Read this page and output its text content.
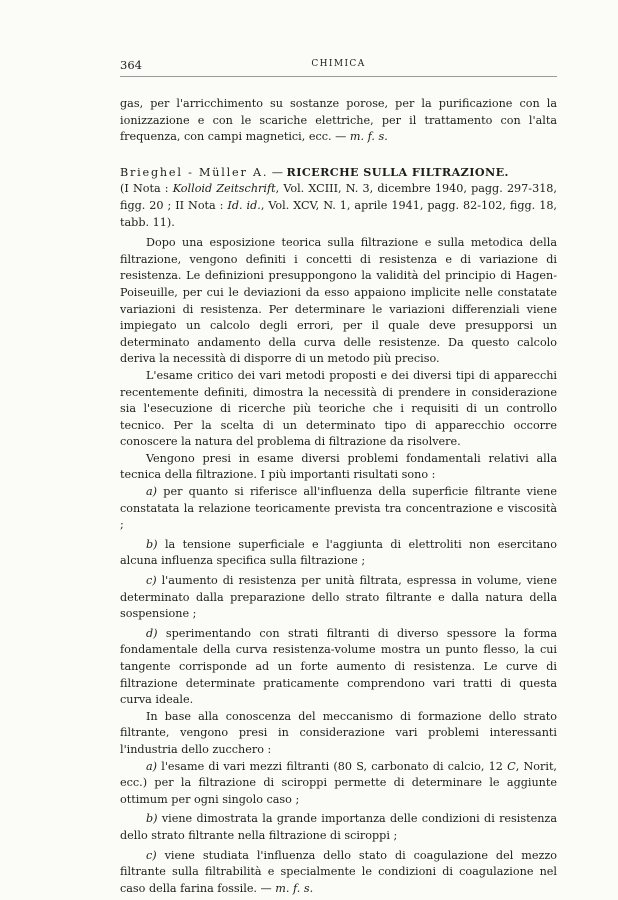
364	CHIMICA

gas, per l'arricchimento su sostanze porose, per la purificazione con la ionizzazione e con le scariche elettriche, per il trattamento con l'alta frequenza, con campi magnetici, ecc. — m. f. s.

Brieghel - Müller A. — RICERCHE SULLA FILTRAZIONE.

(I Nota : Kolloid Zeitschrift, Vol. XCIII, N. 3, dicembre 1940, pagg. 297-318, figg. 20 ; II Nota : Id. id., Vol. XCV, N. 1, aprile 1941, pagg. 82-102, figg. 18, tabb. 11).

Dopo una esposizione teorica sulla filtrazione e sulla metodica della filtrazione, vengono definiti i concetti di resistenza e di variazione di resistenza. Le definizioni presuppongono la validità del principio di Hagen-Poiseuille, per cui le deviazioni da esso appaiono implicite nelle constatate variazioni di resistenza. Per determinare le variazioni differenziali viene impiegato un calcolo degli errori, per il quale deve presupporsi un determinato andamento della curva delle resistenze. Da questo calcolo deriva la necessità di disporre di un metodo più preciso.

L'esame critico dei vari metodi proposti e dei diversi tipi di apparecchi recentemente definiti, dimostra la necessità di prendere in considerazione sia l'esecuzione di ricerche più teoriche che i requisiti di un controllo tecnico. Per la scelta di un determinato tipo di apparecchio occorre conoscere la natura del problema di filtrazione da risolvere.

Vengono presi in esame diversi problemi fondamentali relativi alla tecnica della filtrazione. I più importanti risultati sono :

a) per quanto si riferisce all'influenza della superficie filtrante viene constatata la relazione teoricamente prevista tra concentrazione e viscosità ;

b) la tensione superficiale e l'aggiunta di elettroliti non esercitano alcuna influenza specifica sulla filtrazione ;

c) l'aumento di resistenza per unità filtrata, espressa in volume, viene determinato dalla preparazione dello strato filtrante e dalla natura della sospensione ;

d) sperimentando con strati filtranti di diverso spessore la forma fondamentale della curva resistenza-volume mostra un punto flesso, la cui tangente corrisponde ad un forte aumento di resistenza. Le curve di filtrazione determinate praticamente comprendono vari tratti di questa curva ideale.

In base alla conoscenza del meccanismo di formazione dello strato filtrante, vengono presi in considerazione vari problemi interessanti l'industria dello zucchero :

a) l'esame di vari mezzi filtranti (80 S, carbonato di calcio, 12 C, Norit, ecc.) per la filtrazione di sciroppi permette di determinare le aggiunte ottimum per ogni singolo caso ;

b) viene dimostrata la grande importanza delle condizioni di resistenza dello strato filtrante nella filtrazione di sciroppi ;

c) viene studiata l'influenza dello stato di coagulazione del mezzo filtrante sulla filtrabilità e specialmente le condizioni di coagulazione nel caso della farina fossile. — m. f. s.
